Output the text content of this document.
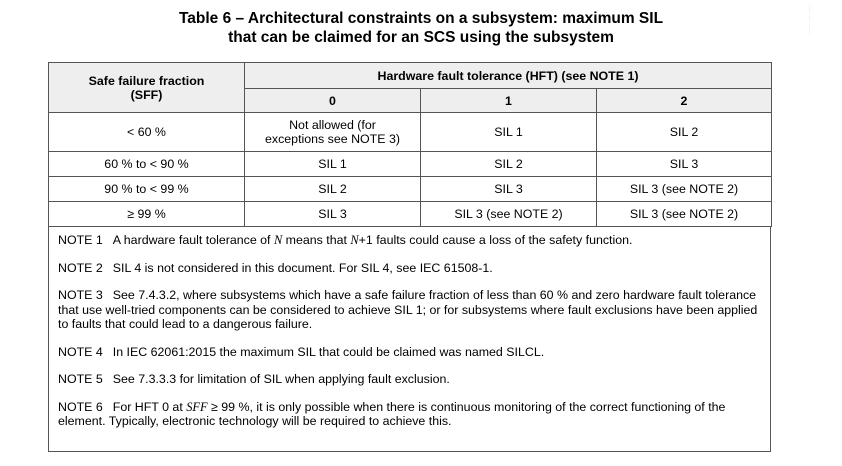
Table 6 – Architectural constraints on a subsystem: maximum SIL
that can be claimed for an SCS using the subsystem
····· ····· ·······
Safe failure fraction (SFF)	Hardware fault tolerance (HFT) (see NOTE 1)		
	0	1	2
< 60 %	Not allowed (for exceptions see NOTE 3)	SIL 1	SIL 2
60 % to < 90 %	SIL 1	SIL 2	SIL 3
90 % to < 99 %	SIL 2	SIL 3	SIL 3 (see NOTE 2)
≥ 99 %	SIL 3	SIL 3 (see NOTE 2)	SIL 3 (see NOTE 2)

NOTE 1 A hardware fault tolerance of N means that N+1 faults could cause a loss of the safety function.

NOTE 2 SIL 4 is not considered in this document. For SIL 4, see IEC 61508-1.

NOTE 3 See 7.4.3.2, where subsystems which have a safe failure fraction of less than 60 % and zero hardware fault tolerance that use well-tried components can be considered to achieve SIL 1; or for subsystems where fault exclusions have been applied to faults that could lead to a dangerous failure.

NOTE 4 In IEC 62061:2015 the maximum SIL that could be claimed was named SILCL.

NOTE 5 See 7.3.3.3 for limitation of SIL when applying fault exclusion.

NOTE 6 For HFT 0 at SFF ≥ 99 %, it is only possible when there is continuous monitoring of the correct functioning of the element. Typically, electronic technology will be required to achieve this.
